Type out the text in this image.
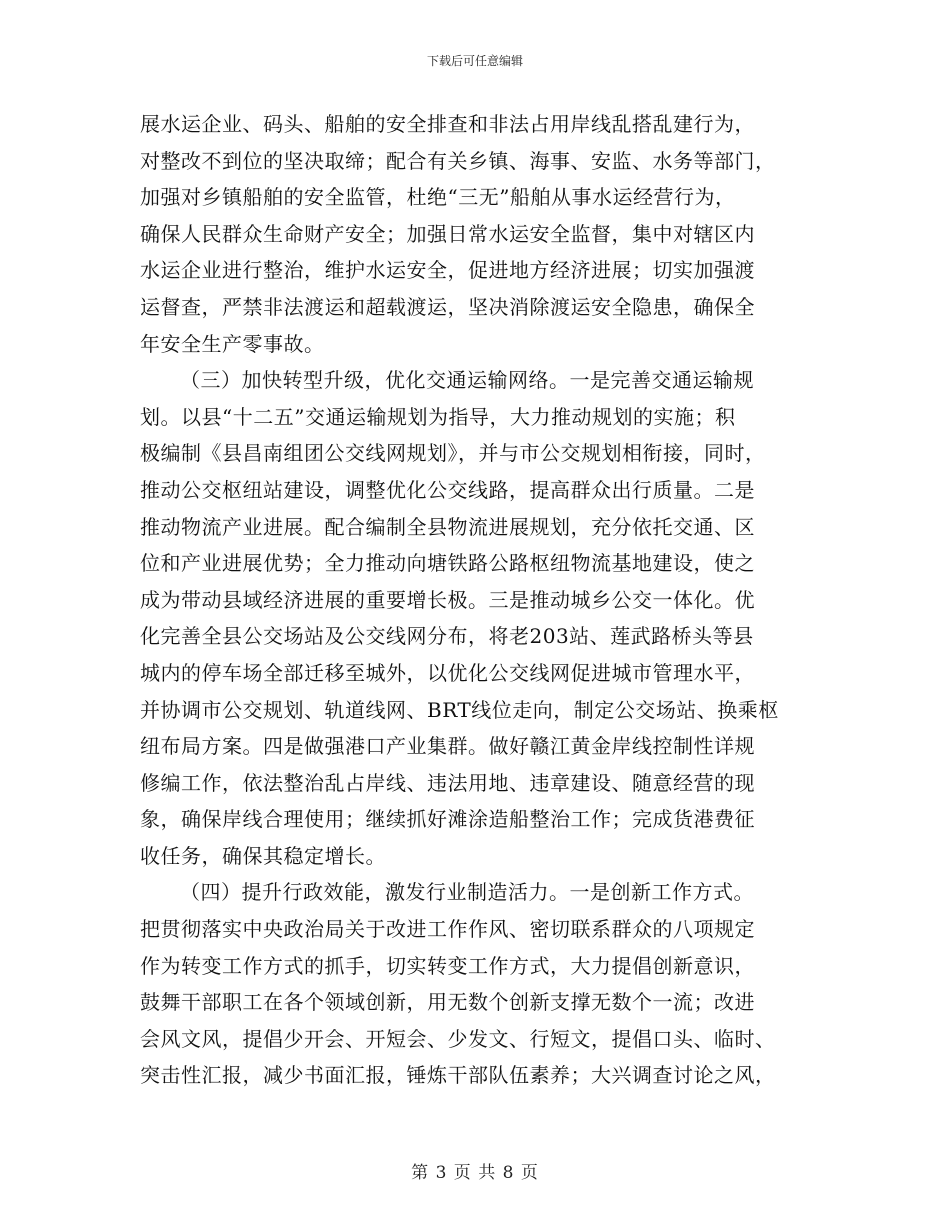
下载后可任意编辑
展水运企业、码头、船舶的安全排查和非法占用岸线乱搭乱建行为，
对整改不到位的坚决取缔；配合有关乡镇、海事、安监、水务等部门，
加强对乡镇船舶的安全监管，杜绝“三无”船舶从事水运经营行为，
确保人民群众生命财产安全；加强日常水运安全监督，集中对辖区内
水运企业进行整治，维护水运安全，促进地方经济进展；切实加强渡
运督查，严禁非法渡运和超载渡运，坚决消除渡运安全隐患，确保全
年安全生产零事故。
（三）加快转型升级，优化交通运输网络。一是完善交通运输规
划。以县“十二五”交通运输规划为指导，大力推动规划的实施；积
极编制《县昌南组团公交线网规划》，并与市公交规划相衔接，同时，
推动公交枢纽站建设，调整优化公交线路，提高群众出行质量。二是
推动物流产业进展。配合编制全县物流进展规划，充分依托交通、区
位和产业进展优势；全力推动向塘铁路公路枢纽物流基地建设，使之
成为带动县域经济进展的重要增长极。三是推动城乡公交一体化。优
化完善全县公交场站及公交线网分布，将老203站、莲武路桥头等县
城内的停车场全部迁移至城外，以优化公交线网促进城市管理水平，
并协调市公交规划、轨道线网、BRT线位走向，制定公交场站、换乘枢
纽布局方案。四是做强港口产业集群。做好赣江黄金岸线控制性详规
修编工作，依法整治乱占岸线、违法用地、违章建设、随意经营的现
象，确保岸线合理使用；继续抓好滩涂造船整治工作；完成货港费征
收任务，确保其稳定增长。
（四）提升行政效能，激发行业制造活力。一是创新工作方式。
把贯彻落实中央政治局关于改进工作作风、密切联系群众的八项规定
作为转变工作方式的抓手，切实转变工作方式，大力提倡创新意识，
鼓舞干部职工在各个领域创新，用无数个创新支撑无数个一流；改进
会风文风，提倡少开会、开短会、少发文、行短文，提倡口头、临时、
突击性汇报，减少书面汇报，锤炼干部队伍素养；大兴调查讨论之风，
第 3 页 共 8 页
